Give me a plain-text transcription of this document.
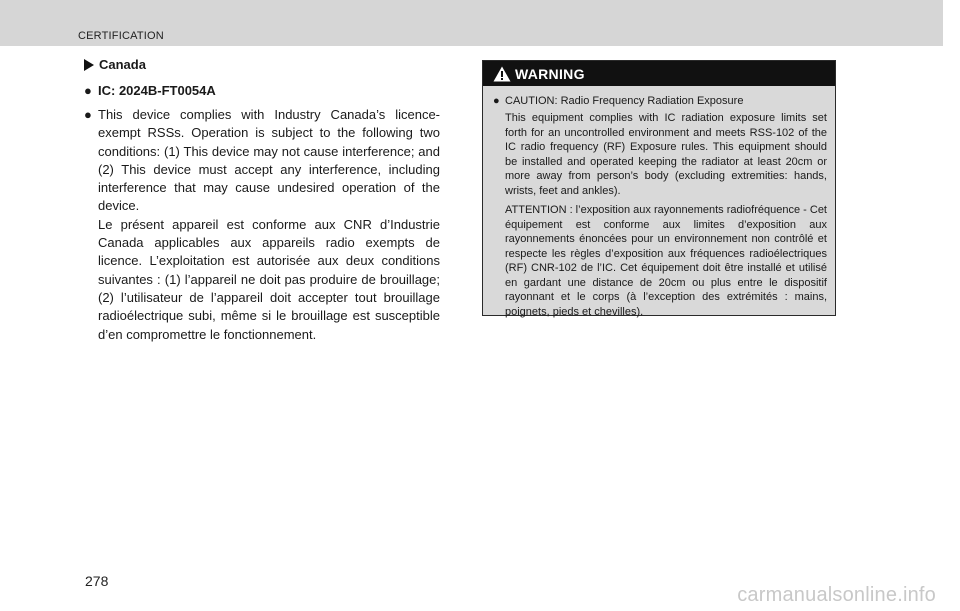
CERTIFICATION
Canada
● IC: 2024B-FT0054A
● This device complies with Industry Canada’s licence-exempt RSSs. Operation is subject to the following two conditions: (1) This device may not cause interference; and (2) This device must accept any interference, including interference that may cause undesired operation of the device.

Le présent appareil est conforme aux CNR d’Industrie Canada applicables aux appareils radio exempts de licence. L’exploitation est autorisée aux deux conditions suivantes : (1) l’appareil ne doit pas produire de brouillage; (2) l’utilisateur de l’appareil doit accepter tout brouillage radioélectrique subi, même si le brouillage est susceptible d’en compromettre le fonctionnement.

WARNING
● CAUTION: Radio Frequency Radiation Exposure

This equipment complies with IC radiation exposure limits set forth for an uncontrolled environment and meets RSS-102 of the IC radio frequency (RF) Exposure rules. This equipment should be installed and operated keeping the radiator at least 20cm or more away from person’s body (excluding extremities: hands, wrists, feet and ankles).

ATTENTION : l’exposition aux rayonnements radiofréquence - Cet équipement est conforme aux limites d’exposition aux rayonnements énoncées pour un environnement non contrôlé et respecte les règles d’exposition aux fréquences radioélectriques (RF) CNR-102 de l’IC. Cet équipement doit être installé et utilisé en gardant une distance de 20cm ou plus entre le dispositif rayonnant et le corps (à l’exception des extrémités : mains, poignets, pieds et chevilles).

278
carmanualsonline.info
